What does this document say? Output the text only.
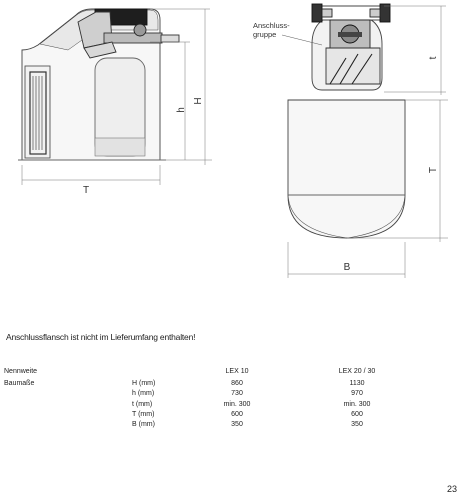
T
h
H
t
Anschluss- gruppe
T
B
Anschlussflansch ist nicht im Lieferumfang enthalten!
Nennweite		LEX 10	LEX 20 / 30

Baumaße	H (mm)	860	1130
	h (mm)	730	970
	t (mm)	min. 300	min. 300
	T (mm)	600	600
	B (mm)	350	350
23
